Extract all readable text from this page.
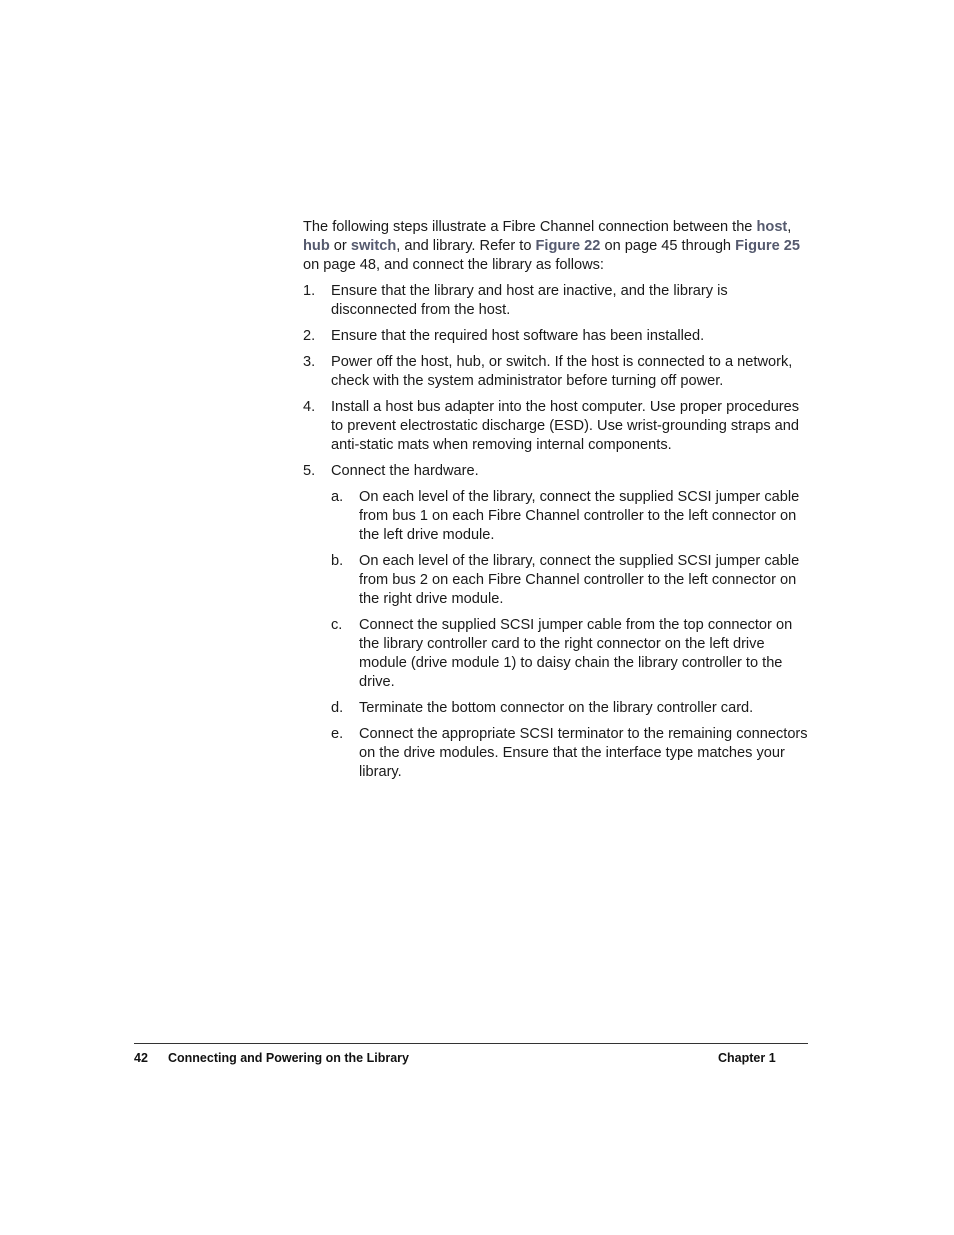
The following steps illustrate a Fibre Channel connection between the host,
hub or switch, and library. Refer to Figure 22 on page 45 through Figure 25 on page 48, and connect the library as follows:

1.	Ensure that the library and host are inactive, and the library is disconnected from the host.
2.	Ensure that the required host software has been installed.
3.	Power off the host, hub, or switch. If the host is connected to a network, check with the system administrator before turning off power.
4.	Install a host bus adapter into the host computer. Use proper procedures to prevent electrostatic discharge (ESD). Use wrist-grounding straps and anti-static mats when removing internal components.
5.	Connect the hardware.
a.	On each level of the library, connect the supplied SCSI jumper cable from bus 1 on each Fibre Channel controller to the left connector on the left drive module.
b.	On each level of the library, connect the supplied SCSI jumper cable from bus 2 on each Fibre Channel controller to the left connector on the right drive module.
c.	Connect the supplied SCSI jumper cable from the top connector on the library controller card to the right connector on the left drive module (drive module 1) to daisy chain the library controller to the drive.
d.	Terminate the bottom connector on the library controller card.
e.	Connect the appropriate SCSI terminator to the remaining connectors on the drive modules. Ensure that the interface type matches your library.
42 Connecting and Powering on the Library	Chapter 1
